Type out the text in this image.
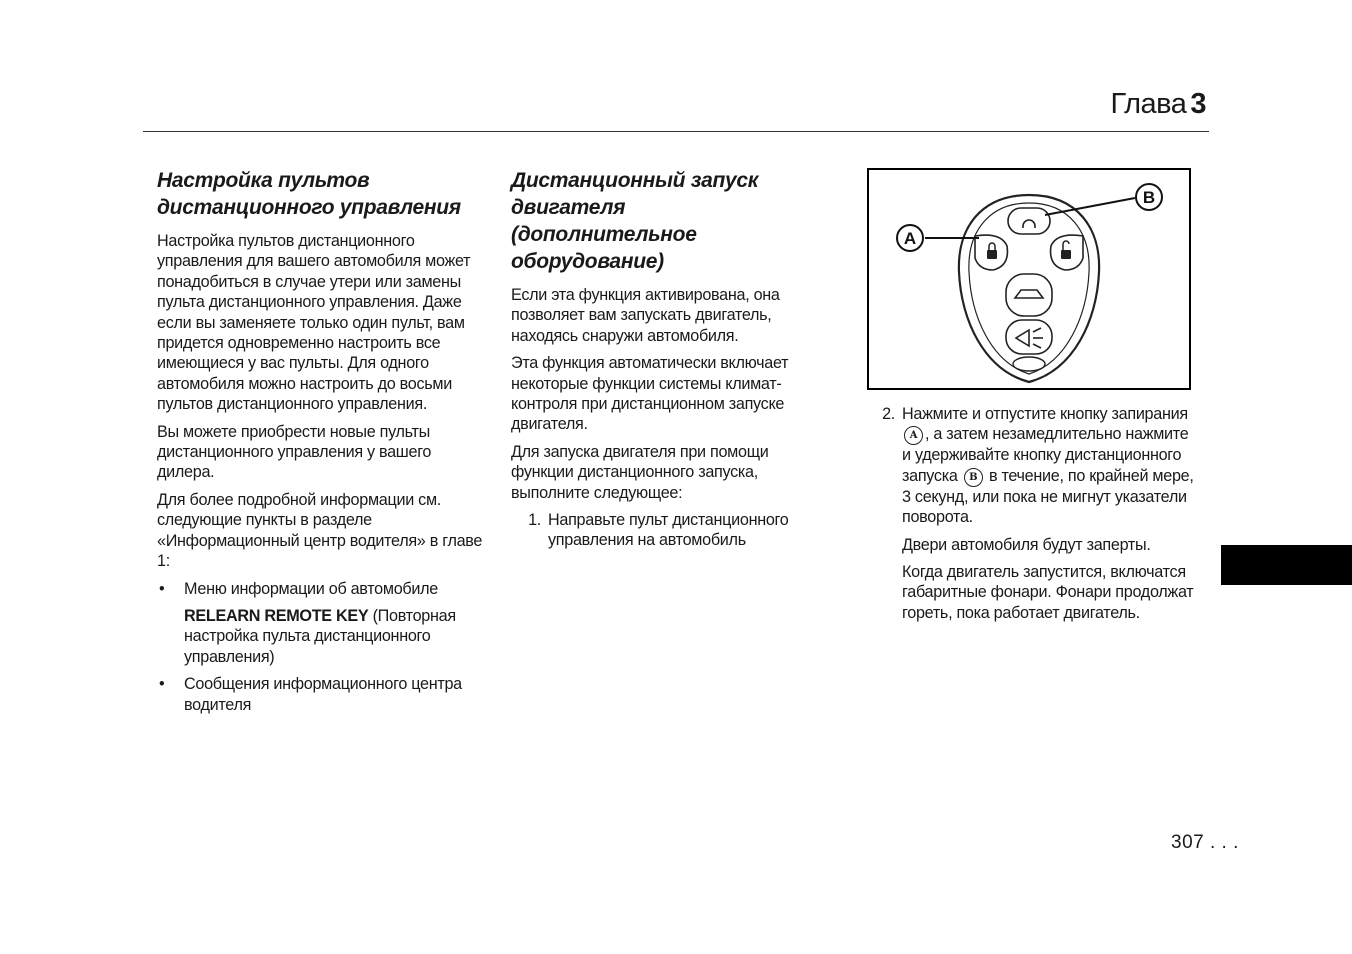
Глава 3
Настройка пультов
дистанционного управления

Настройка пультов дистанционного управления для вашего автомобиля может понадобиться в случае утери или замены пульта дистанционного управления. Даже если вы заменяете только один пульт, вам придется одновременно настроить все имеющиеся у вас пульты. Для одного автомобиля можно настроить до восьми пультов дистанционного управления.

Вы можете приобрести новые пульты дистанционного управления у вашего дилера.

Для более подробной информации см. следующие пункты в разделе «Информационный центр водителя» в главе 1:

• Меню информации об автомобиле
RELEARN REMOTE KEY (Повторная настройка пульта дистанционного управления)
• Сообщения информационного центра водителя
Дистанционный запуск
двигателя (дополнительное
оборудование)

Если эта функция активирована, она позволяет вам запускать двигатель, находясь снаружи автомобиля.

Эта функция автоматически включает некоторые функции системы климат-контроля при дистанционном запуске двигателя.

Для запуска двигателя при помощи функции дистанционного запуска, выполните следующее:

1. Направьте пульт дистанционного управления на автомобиль
A
B
2. Нажмите и отпустите кнопку запирания A , а затем незамедлительно нажмите и удерживайте кнопку дистанционного запуска B в течение, по крайней мере, 3 секунд, или пока не мигнут указатели поворота.

Двери автомобиля будут заперты.

Когда двигатель запустится, включатся габаритные фонари. Фонари продолжат гореть, пока работает двигатель.

307 . . .
